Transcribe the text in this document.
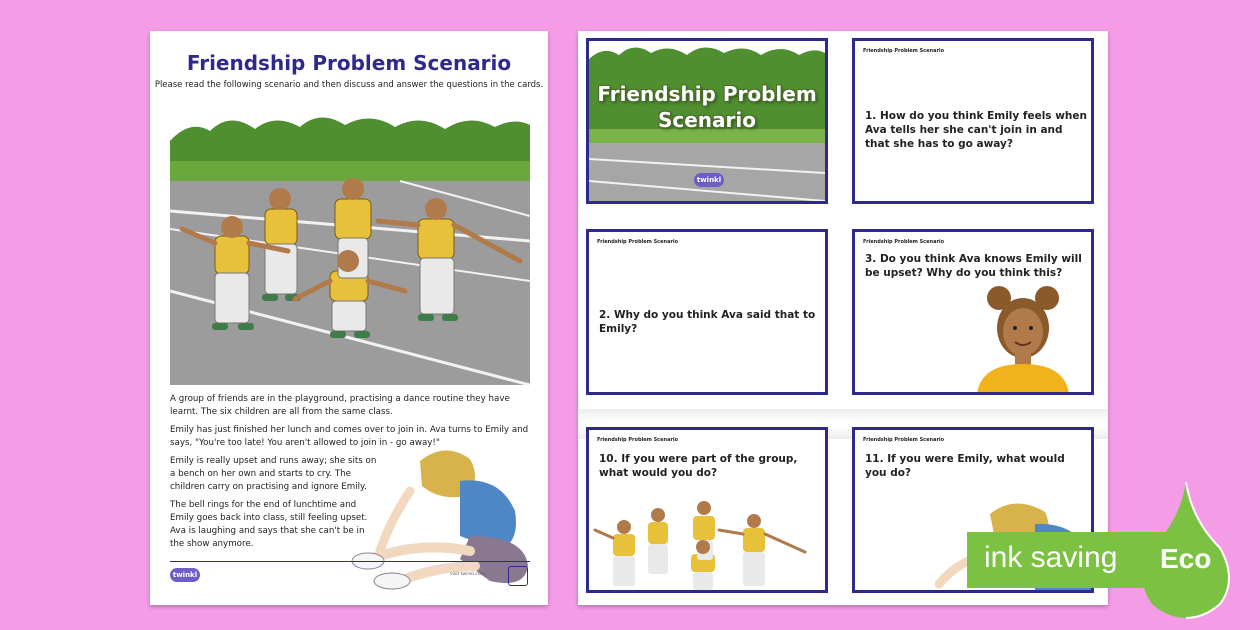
Friendship Problem Scenario
Please read the following scenario and then discuss and answer the questions in the cards.

A group of friends are in the playground, practising a dance routine they have learnt. The six children are all from the same class.

Emily has just finished her lunch and comes over to join in. Ava turns to Emily and says, "You're too late! You aren't allowed to join in - go away!"

Emily is really upset and runs away; she sits on a bench on her own and starts to cry. The children carry on practising and ignore Emily.

The bell rings for the end of lunchtime and Emily goes back into class, still feeling upset. Ava is laughing and says that she can't be in the show anymore.

twinkl	visit twinkl.com
Friendship Problem
Scenario
twinkl
Friendship Problem Scenario
1. How do you think Emily feels when Ava tells her she can't join in and that she has to go away?
Friendship Problem Scenario
2. Why do you think Ava said that to Emily?
Friendship Problem Scenario
3. Do you think Ava knows Emily will be upset? Why do you think this?
Friendship Problem Scenario
10. If you were part of the group, what would you do?
Friendship Problem Scenario
11. If you were Emily, what would you do?
ink saving Eco
